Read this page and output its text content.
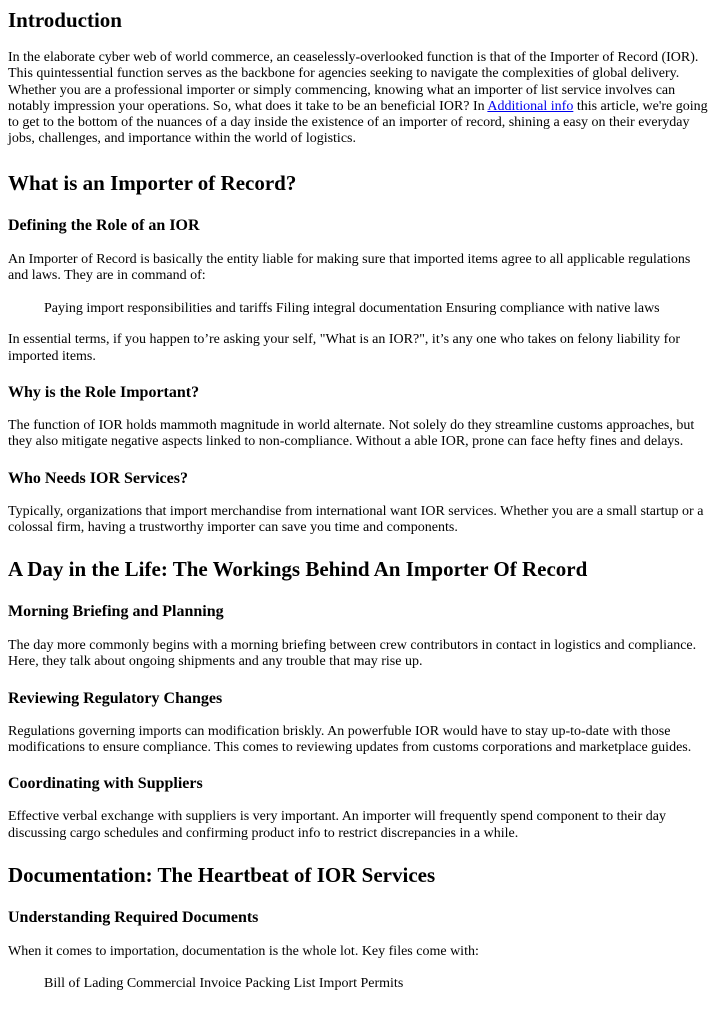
Introduction

In the elaborate cyber web of world commerce, an ceaselessly-overlooked function is that of the Importer of Record (IOR). This quintessential function serves as the backbone for agencies seeking to navigate the complexities of global delivery. Whether you are a professional importer or simply commencing, knowing what an importer of list service involves can notably impression your operations. So, what does it take to be an beneficial IOR? In Additional info this article, we're going to get to the bottom of the nuances of a day inside the existence of an importer of record, shining a easy on their everyday jobs, challenges, and importance within the world of logistics.

What is an Importer of Record?
Defining the Role of an IOR

An Importer of Record is basically the entity liable for making sure that imported items agree to all applicable regulations and laws. They are in command of:

Paying import responsibilities and tariffs Filing integral documentation Ensuring compliance with native laws

In essential terms, if you happen to’re asking your self, "What is an IOR?", it’s any one who takes on felony liability for imported items.

Why is the Role Important?

The function of IOR holds mammoth magnitude in world alternate. Not solely do they streamline customs approaches, but they also mitigate negative aspects linked to non-compliance. Without a able IOR, prone can face hefty fines and delays.

Who Needs IOR Services?

Typically, organizations that import merchandise from international want IOR services. Whether you are a small startup or a colossal firm, having a trustworthy importer can save you time and components.

A Day in the Life: The Workings Behind An Importer Of Record
Morning Briefing and Planning

The day more commonly begins with a morning briefing between crew contributors in contact in logistics and compliance. Here, they talk about ongoing shipments and any trouble that may rise up.

Reviewing Regulatory Changes

Regulations governing imports can modification briskly. An powerfuble IOR would have to stay up-to-date with those modifications to ensure compliance. This comes to reviewing updates from customs corporations and marketplace guides.

Coordinating with Suppliers

Effective verbal exchange with suppliers is very important. An importer will frequently spend component to their day discussing cargo schedules and confirming product info to restrict discrepancies in a while.

Documentation: The Heartbeat of IOR Services
Understanding Required Documents

When it comes to importation, documentation is the whole lot. Key files come with:

Bill of Lading Commercial Invoice Packing List Import Permits
